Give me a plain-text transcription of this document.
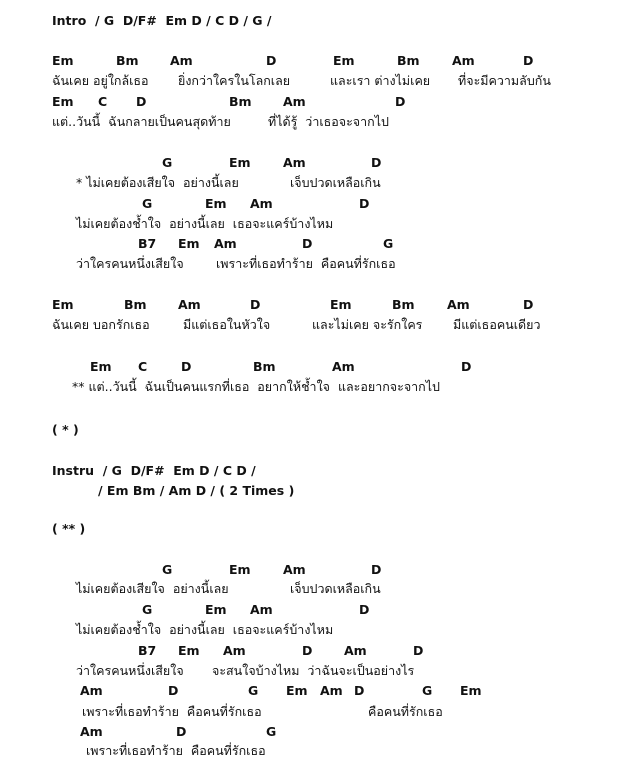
Intro  / G  D/F#  Em D / C D / G /
Em	Bm	Am	D	Em	Bm	Am	D
ฉันเคย อยู่ใกล้เธอ ยิ่งกว่าใครในโลกเลย	และเรา ต่างไม่เคย ที่จะมีความลับกัน
Em C D	Bm	Am	D
แต่..วันนี้  ฉันกลายเป็นคนสุดท้าย	ที่ได้รู้  ว่าเธอจะจากไป
G	Em	Am	D
* ไม่เคยต้องเสียใจ  อย่างนี้เลย	เจ็บปวดเหลือเกิน
G	Em Am	D
ไม่เคยต้องช้ำใจ  อย่างนี้เลย  เธอจะแคร์บ้างไหม
B7 Em Am	D	G
ว่าใครคนหนึ่งเสียใจ	เพราะที่เธอทำร้าย  คือคนที่รักเธอ
Em	Bm	Am	D	Em	Bm	Am	D
ฉันเคย บอกรักเธอ	มีแต่เธอในหัวใจ	และไม่เคย จะรักใคร มีแต่เธอคนเดียว
Em C	D	Bm	Am	D
** แต่..วันนี้  ฉันเป็นคนแรกที่เธอ  อยากให้ช้ำใจ  และอยากจะจากไป
( * )
Instru  / G  D/F#  Em D / C D /
/ Em Bm / Am D / ( 2 Times )
( ** )
G	Em	Am	D
ไม่เคยต้องเสียใจ  อย่างนี้เลย	เจ็บปวดเหลือเกิน
G	Em Am	D
ไม่เคยต้องช้ำใจ  อย่างนี้เลย  เธอจะแคร์บ้างไหม
B7 Em Am	D	Am	D
ว่าใครคนหนึ่งเสียใจ จะสนใจบ้างไหม  ว่าฉันจะเป็นอย่างไร
Am	D	G Em Am D	G Em
เพราะที่เธอทำร้าย  คือคนที่รักเธอ	คือคนที่รักเธอ
Am	D	G
เพราะที่เธอทำร้าย  คือคนที่รักเธอ
